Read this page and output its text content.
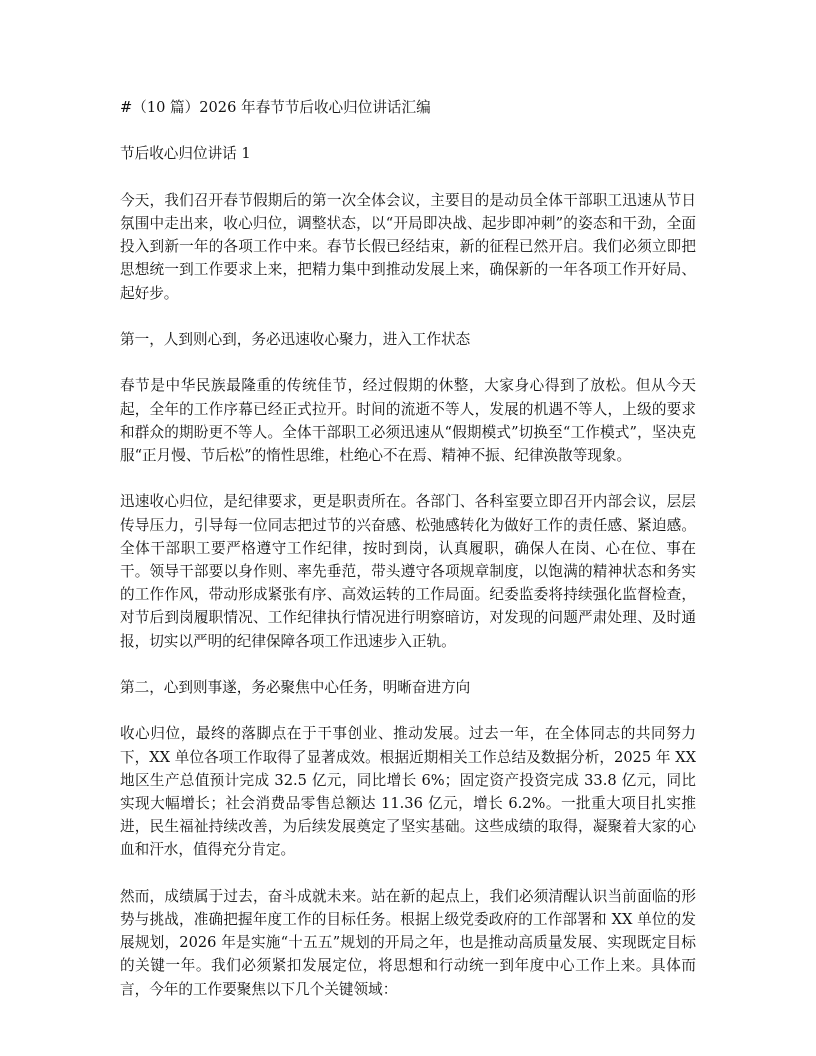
#（10 篇）2026 年春节节后收心归位讲话汇编

节后收心归位讲话 1

今天，我们召开春节假期后的第一次全体会议，主要目的是动员全体干部职工迅速从节日氛围中走出来，收心归位，调整状态，以“开局即决战、起步即冲刺”的姿态和干劲，全面投入到新一年的各项工作中来。春节长假已经结束，新的征程已然开启。我们必须立即把思想统一到工作要求上来，把精力集中到推动发展上来，确保新的一年各项工作开好局、起好步。

第一，人到则心到，务必迅速收心聚力，进入工作状态

春节是中华民族最隆重的传统佳节，经过假期的休整，大家身心得到了放松。但从今天起，全年的工作序幕已经正式拉开。时间的流逝不等人，发展的机遇不等人，上级的要求和群众的期盼更不等人。全体干部职工必须迅速从“假期模式”切换至“工作模式”，坚决克服“正月慢、节后松”的惰性思维，杜绝心不在焉、精神不振、纪律涣散等现象。

迅速收心归位，是纪律要求，更是职责所在。各部门、各科室要立即召开内部会议，层层传导压力，引导每一位同志把过节的兴奋感、松弛感转化为做好工作的责任感、紧迫感。全体干部职工要严格遵守工作纪律，按时到岗，认真履职，确保人在岗、心在位、事在干。领导干部要以身作则、率先垂范，带头遵守各项规章制度，以饱满的精神状态和务实的工作作风，带动形成紧张有序、高效运转的工作局面。纪委监委将持续强化监督检查，对节后到岗履职情况、工作纪律执行情况进行明察暗访，对发现的问题严肃处理、及时通报，切实以严明的纪律保障各项工作迅速步入正轨。

第二，心到则事遂，务必聚焦中心任务，明晰奋进方向

收心归位，最终的落脚点在于干事创业、推动发展。过去一年，在全体同志的共同努力下，XX 单位各项工作取得了显著成效。根据近期相关工作总结及数据分析，2025 年 XX 地区生产总值预计完成 32.5 亿元，同比增长 6%；固定资产投资完成 33.8 亿元，同比实现大幅增长；社会消费品零售总额达 11.36 亿元，增长 6.2%。一批重大项目扎实推进，民生福祉持续改善，为后续发展奠定了坚实基础。这些成绩的取得，凝聚着大家的心血和汗水，值得充分肯定。

然而，成绩属于过去，奋斗成就未来。站在新的起点上，我们必须清醒认识当前面临的形势与挑战，准确把握年度工作的目标任务。根据上级党委政府的工作部署和 XX 单位的发展规划，2026 年是实施“十五五”规划的开局之年，也是推动高质量发展、实现既定目标的关键一年。我们必须紧扣发展定位，将思想和行动统一到年度中心工作上来。具体而言，今年的工作要聚焦以下几个关键领域：
